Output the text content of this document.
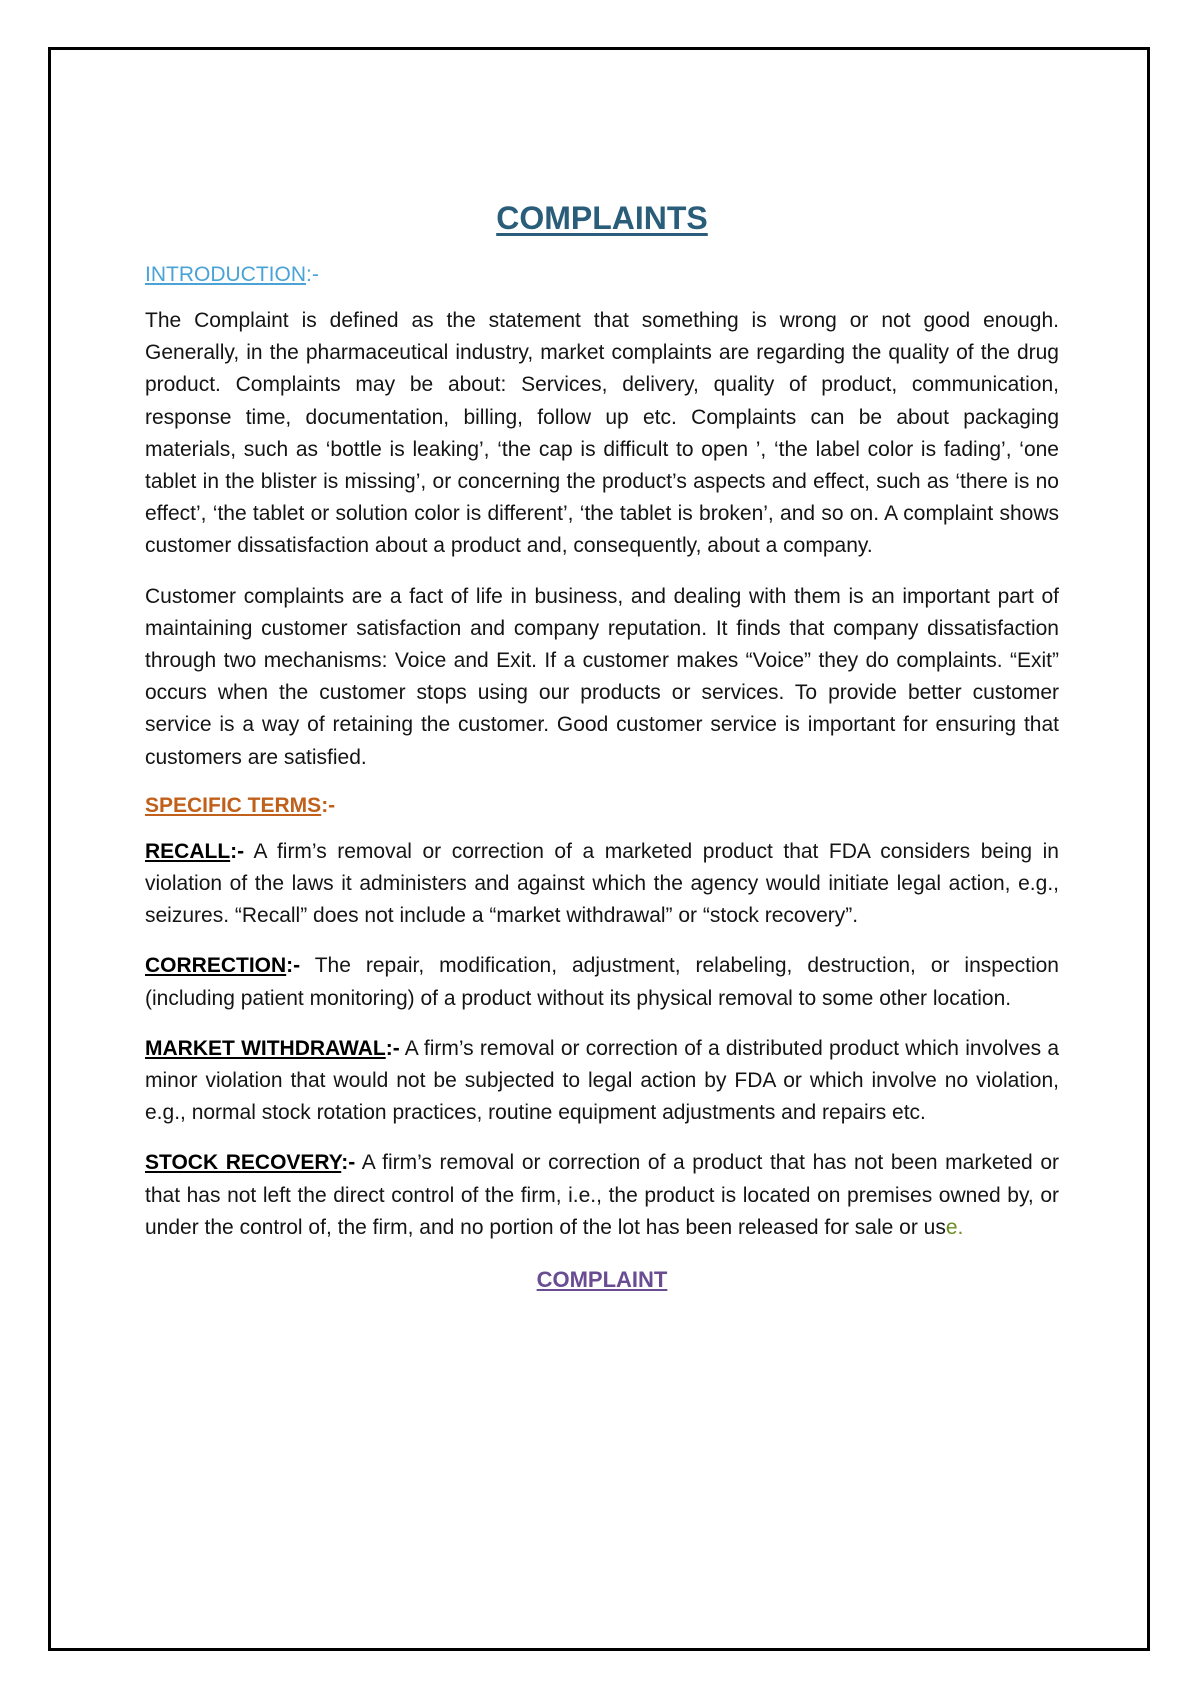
COMPLAINTS
INTRODUCTION:-

The Complaint is defined as the statement that something is wrong or not good enough. Generally, in the pharmaceutical industry, market complaints are regarding the quality of the drug product. Complaints may be about: Services, delivery, quality of product, communication, response time, documentation, billing, follow up etc. Complaints can be about packaging materials, such as ‘bottle is leaking’, ‘the cap is difficult to open ’, ‘the label color is fading’, ‘one tablet in the blister is missing’, or concerning the product’s aspects and effect, such as ‘there is no effect’, ‘the tablet or solution color is different’, ‘the tablet is broken’, and so on. A complaint shows customer dissatisfaction about a product and, consequently, about a company.

Customer complaints are a fact of life in business, and dealing with them is an important part of maintaining customer satisfaction and company reputation. It finds that company dissatisfaction through two mechanisms: Voice and Exit. If a customer makes “Voice” they do complaints. “Exit” occurs when the customer stops using our products or services. To provide better customer service is a way of retaining the customer. Good customer service is important for ensuring that customers are satisfied.

SPECIFIC TERMS:-

RECALL:- A firm’s removal or correction of a marketed product that FDA considers being in violation of the laws it administers and against which the agency would initiate legal action, e.g., seizures. “Recall” does not include a “market withdrawal” or “stock recovery”.

CORRECTION:- The repair, modification, adjustment, relabeling, destruction, or inspection (including patient monitoring) of a product without its physical removal to some other location.

MARKET WITHDRAWAL:- A firm’s removal or correction of a distributed product which involves a minor violation that would not be subjected to legal action by FDA or which involve no violation, e.g., normal stock rotation practices, routine equipment adjustments and repairs etc.

STOCK RECOVERY:- A firm’s removal or correction of a product that has not been marketed or that has not left the direct control of the firm, i.e., the product is located on premises owned by, or under the control of, the firm, and no portion of the lot has been released for sale or use.

COMPLAINT
